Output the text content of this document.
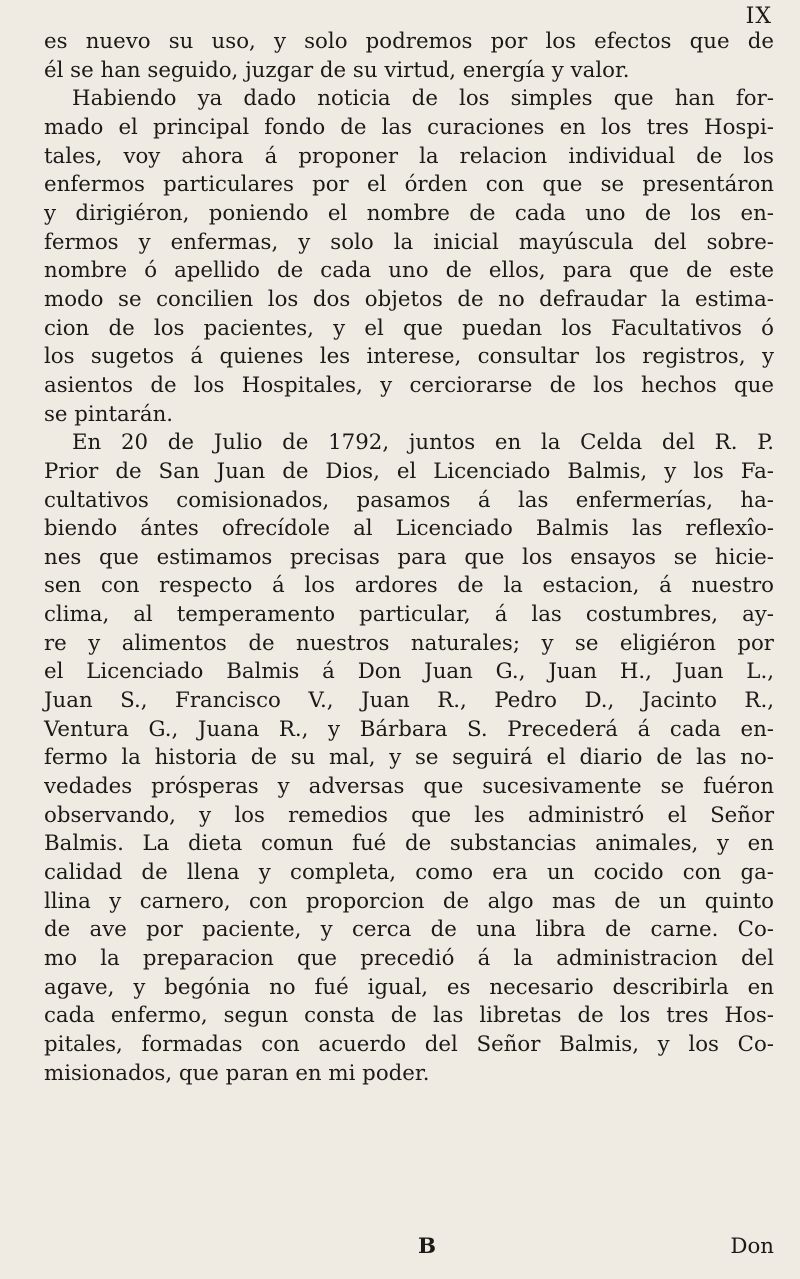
IX
es nuevo su uso, y solo podremos por los efectos que de
él se han seguido, juzgar de su virtud, energía y valor.
Habiendo ya dado noticia de los simples que han for-
mado el principal fondo de las curaciones en los tres Hospi-
tales, voy ahora á proponer la relacion individual de los
enfermos particulares por el órden con que se presentáron
y dirigiéron, poniendo el nombre de cada uno de los en-
fermos y enfermas, y solo la inicial mayúscula del sobre-
nombre ó apellido de cada uno de ellos, para que de este
modo se concilien los dos objetos de no defraudar la estima-
cion de los pacientes, y el que puedan los Facultativos ó
los sugetos á quienes les interese, consultar los registros, y
asientos de los Hospitales, y cerciorarse de los hechos que
se pintarán.
En 20 de Julio de 1792, juntos en la Celda del R. P.
Prior de San Juan de Dios, el Licenciado Balmis, y los Fa-
cultativos comisionados, pasamos á las enfermerías, ha-
biendo ántes ofrecídole al Licenciado Balmis las reflexîo-
nes que estimamos precisas para que los ensayos se hicie-
sen con respecto á los ardores de la estacion, á nuestro
clima, al temperamento particular, á las costumbres, ay-
re y alimentos de nuestros naturales; y se eligiéron por
el Licenciado Balmis á Don Juan G., Juan H., Juan L.,
Juan S., Francisco V., Juan R., Pedro D., Jacinto R.,
Ventura G., Juana R., y Bárbara S. Precederá á cada en-
fermo la historia de su mal, y se seguirá el diario de las no-
vedades prósperas y adversas que sucesivamente se fuéron
observando, y los remedios que les administró el Señor
Balmis. La dieta comun fué de substancias animales, y en
calidad de llena y completa, como era un cocido con ga-
llina y carnero, con proporcion de algo mas de un quinto
de ave por paciente, y cerca de una libra de carne. Co-
mo la preparacion que precedió á la administracion del
agave, y begónia no fué igual, es necesario describirla en
cada enfermo, segun consta de las libretas de los tres Hos-
pitales, formadas con acuerdo del Señor Balmis, y los Co-
misionados, que paran en mi poder.
B	Don
